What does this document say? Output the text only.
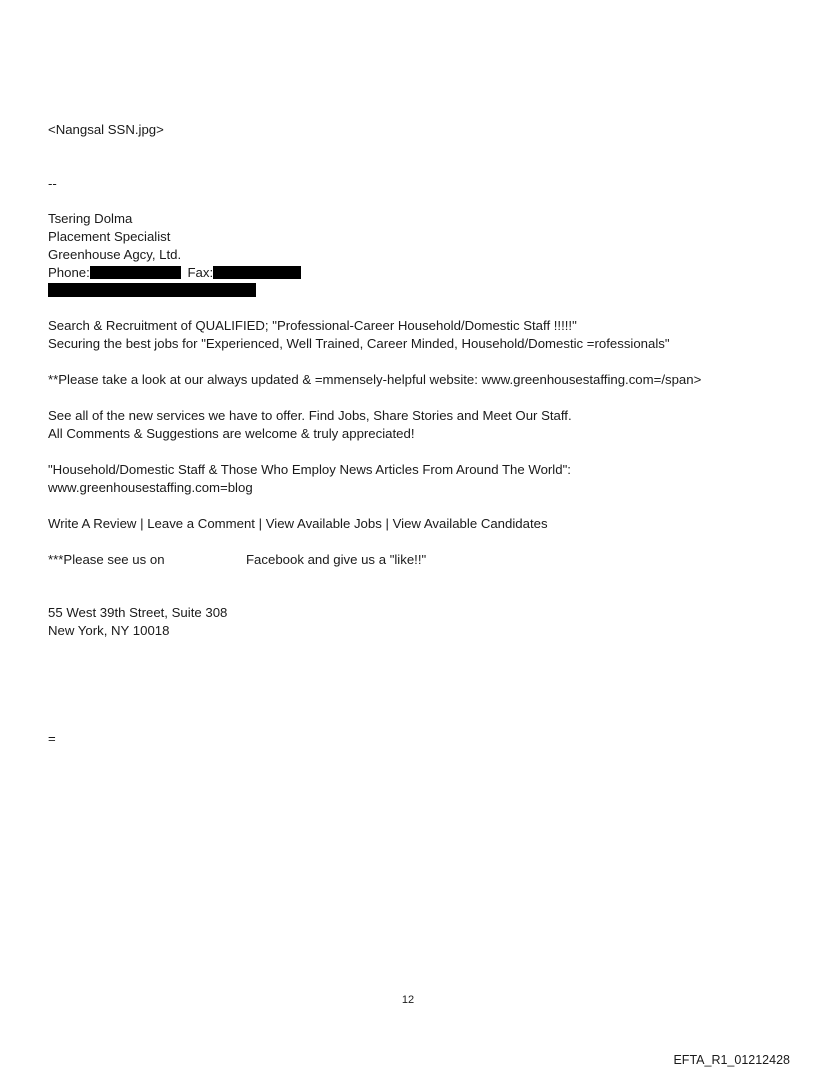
<Nangsal SSN.jpg>
--
Tsering Dolma
Placement Specialist
Greenhouse Agcy, Ltd.
Phone:	Fax:
Search & Recruitment of QUALIFIED; "Professional-Career Household/Domestic Staff !!!!!"
Securing the best jobs for "Experienced, Well Trained, Career Minded, Household/Domestic =rofessionals"
**Please take a look at our always updated & =mmensely-helpful website: www.greenhousestaffing.com=/span>
See all of the new services we have to offer. Find Jobs, Share Stories and Meet Our Staff.
All Comments & Suggestions are welcome & truly appreciated!
"Household/Domestic Staff & Those Who Employ News Articles From Around The World":
www.greenhousestaffing.com=blog
Write A Review | Leave a Comment | View Available Jobs | View Available Candidates
***Please see us on	Facebook and give us a "like!!"
55 West 39th Street, Suite 308
New York, NY 10018
=
12
EFTA_R1_01212428
